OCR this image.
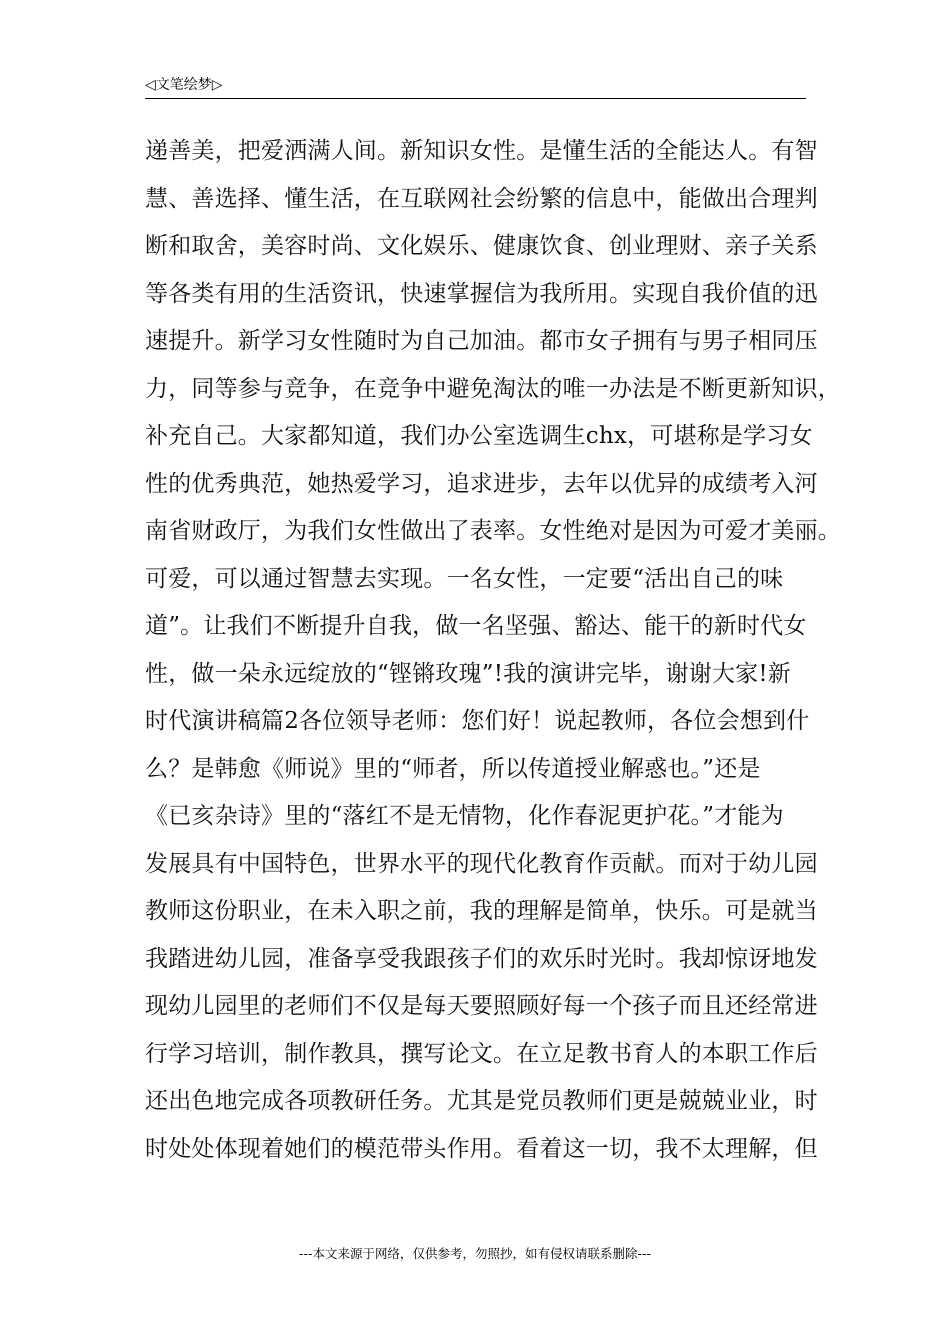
◁文笔绘梦▷
递善美，把爱洒满人间。新知识女性。是懂生活的全能达人。有智
慧、善选择、懂生活，在互联网社会纷繁的信息中，能做出合理判
断和取舍，美容时尚、文化娱乐、健康饮食、创业理财、亲子关系
等各类有用的生活资讯，快速掌握信为我所用。实现自我价值的迅
速提升。新学习女性随时为自己加油。都市女子拥有与男子相同压
力，同等参与竞争，在竞争中避免淘汰的唯一办法是不断更新知识，
补充自己。大家都知道，我们办公室选调生chx，可堪称是学习女
性的优秀典范，她热爱学习，追求进步，去年以优异的成绩考入河
南省财政厅，为我们女性做出了表率。女性绝对是因为可爱才美丽。
可爱，可以通过智慧去实现。一名女性，一定要“活出自己的味
道”。让我们不断提升自我，做一名坚强、豁达、能干的新时代女
性，做一朵永远绽放的“铿锵玫瑰”!我的演讲完毕，谢谢大家!新
时代演讲稿篇2各位领导老师：您们好！说起教师，各位会想到什
么？是韩愈《师说》里的“师者，所以传道授业解惑也。”还是
《已亥杂诗》里的“落红不是无情物，化作春泥更护花。”才能为
发展具有中国特色，世界水平的现代化教育作贡献。而对于幼儿园
教师这份职业，在未入职之前，我的理解是简单，快乐。可是就当
我踏进幼儿园，准备享受我跟孩子们的欢乐时光时。我却惊讶地发
现幼儿园里的老师们不仅是每天要照顾好每一个孩子而且还经常进
行学习培训，制作教具，撰写论文。在立足教书育人的本职工作后
还出色地完成各项教研任务。尤其是党员教师们更是兢兢业业，时
时处处体现着她们的模范带头作用。看着这一切，我不太理解，但
---本文来源于网络，仅供参考，勿照抄，如有侵权请联系删除---
